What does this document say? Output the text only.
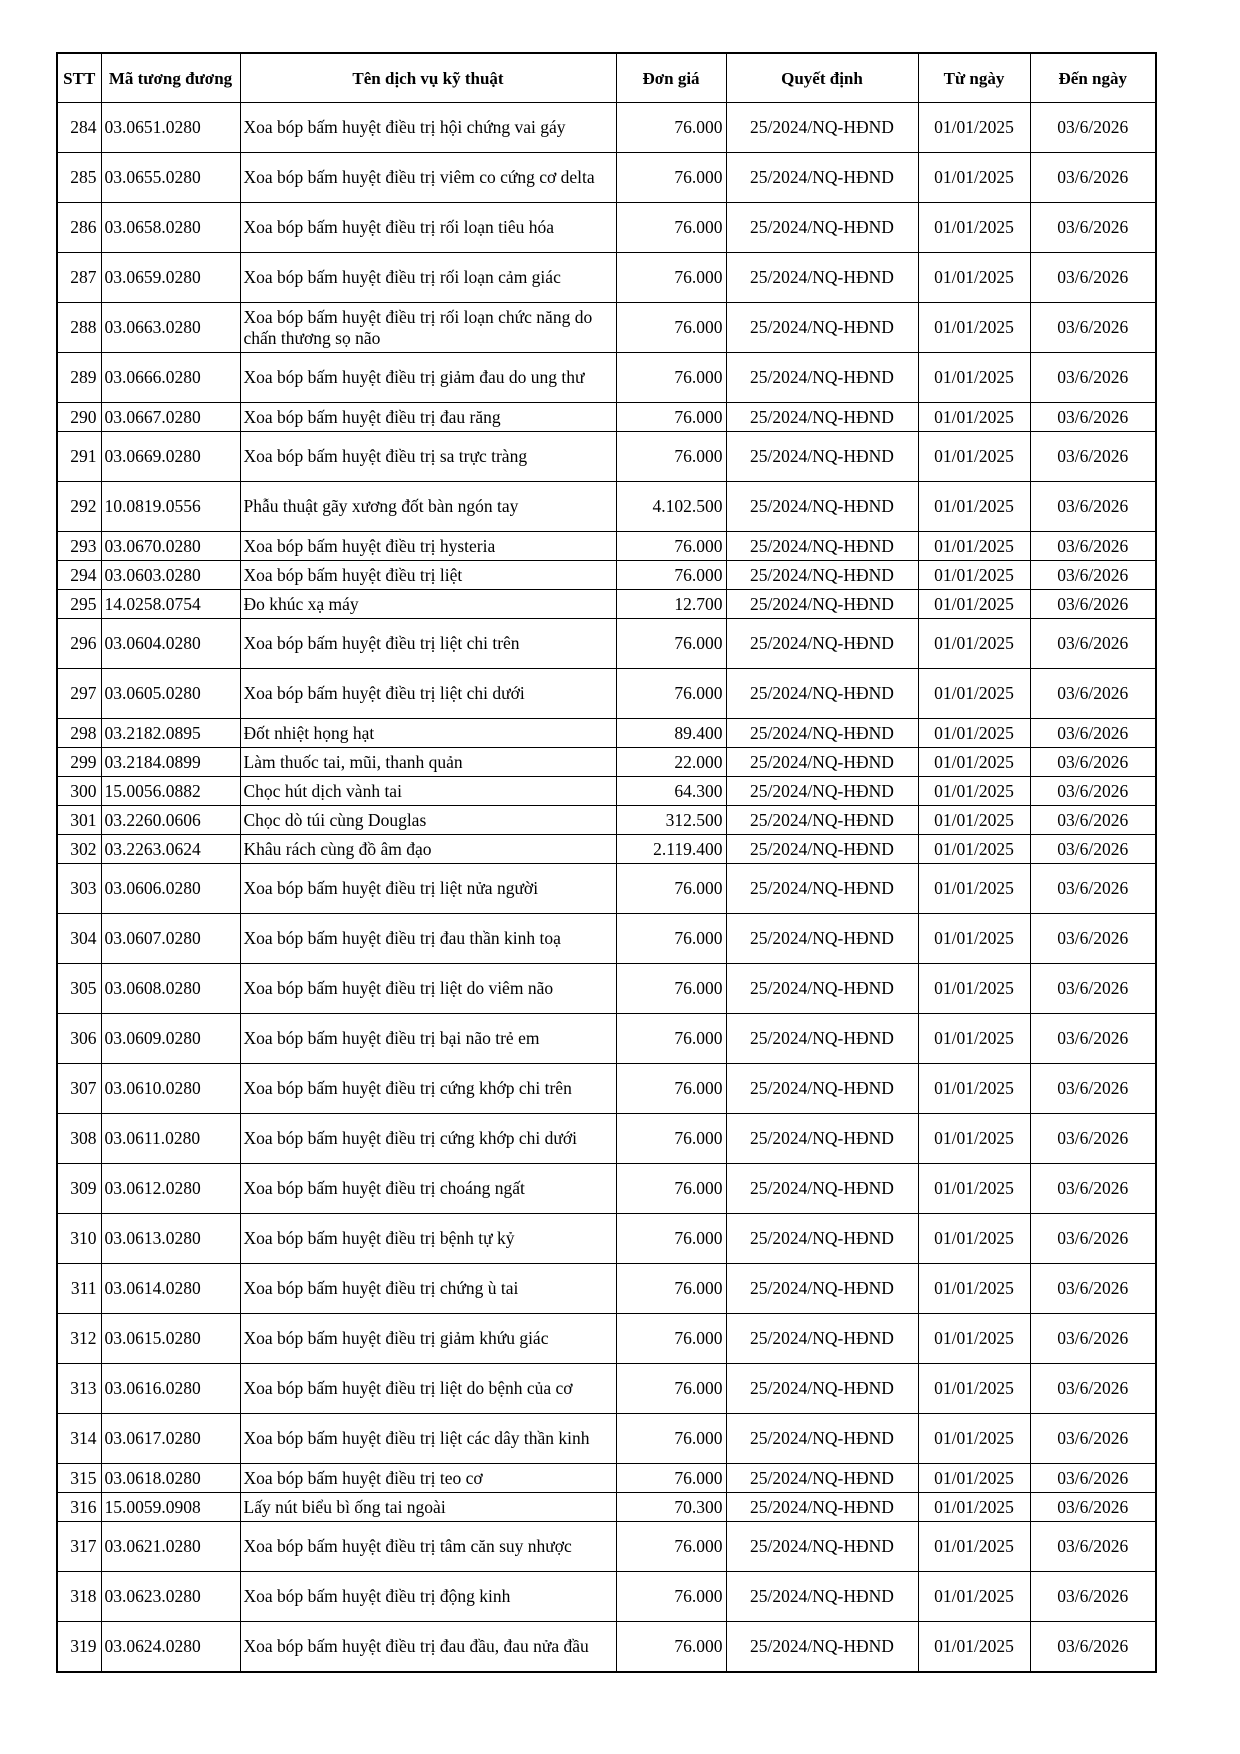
STT	Mã tương đương	Tên dịch vụ kỹ thuật	Đơn giá	Quyết định	Từ ngày	Đến ngày
284	03.0651.0280	Xoa bóp bấm huyệt điều trị hội chứng vai gáy	76.000	25/2024/NQ-HĐND	01/01/2025	03/6/2026
285	03.0655.0280	Xoa bóp bấm huyệt điều trị viêm co cứng cơ delta	76.000	25/2024/NQ-HĐND	01/01/2025	03/6/2026
286	03.0658.0280	Xoa bóp bấm huyệt điều trị rối loạn tiêu hóa	76.000	25/2024/NQ-HĐND	01/01/2025	03/6/2026
287	03.0659.0280	Xoa bóp bấm huyệt điều trị rối loạn cảm giác	76.000	25/2024/NQ-HĐND	01/01/2025	03/6/2026
288	03.0663.0280	Xoa bóp bấm huyệt điều trị rối loạn chức năng do chấn thương sọ não	76.000	25/2024/NQ-HĐND	01/01/2025	03/6/2026
289	03.0666.0280	Xoa bóp bấm huyệt điều trị giảm đau do ung thư	76.000	25/2024/NQ-HĐND	01/01/2025	03/6/2026
290	03.0667.0280	Xoa bóp bấm huyệt điều trị đau răng	76.000	25/2024/NQ-HĐND	01/01/2025	03/6/2026
291	03.0669.0280	Xoa bóp bấm huyệt điều trị sa trực tràng	76.000	25/2024/NQ-HĐND	01/01/2025	03/6/2026
292	10.0819.0556	Phẫu thuật gãy xương đốt bàn ngón tay	4.102.500	25/2024/NQ-HĐND	01/01/2025	03/6/2026
293	03.0670.0280	Xoa bóp bấm huyệt điều trị hysteria	76.000	25/2024/NQ-HĐND	01/01/2025	03/6/2026
294	03.0603.0280	Xoa bóp bấm huyệt điều trị liệt	76.000	25/2024/NQ-HĐND	01/01/2025	03/6/2026
295	14.0258.0754	Đo khúc xạ máy	12.700	25/2024/NQ-HĐND	01/01/2025	03/6/2026
296	03.0604.0280	Xoa bóp bấm huyệt điều trị liệt chi trên	76.000	25/2024/NQ-HĐND	01/01/2025	03/6/2026
297	03.0605.0280	Xoa bóp bấm huyệt điều trị liệt chi dưới	76.000	25/2024/NQ-HĐND	01/01/2025	03/6/2026
298	03.2182.0895	Đốt nhiệt họng hạt	89.400	25/2024/NQ-HĐND	01/01/2025	03/6/2026
299	03.2184.0899	Làm thuốc tai, mũi, thanh quản	22.000	25/2024/NQ-HĐND	01/01/2025	03/6/2026
300	15.0056.0882	Chọc hút dịch vành tai	64.300	25/2024/NQ-HĐND	01/01/2025	03/6/2026
301	03.2260.0606	Chọc dò túi cùng Douglas	312.500	25/2024/NQ-HĐND	01/01/2025	03/6/2026
302	03.2263.0624	Khâu rách cùng đồ âm đạo	2.119.400	25/2024/NQ-HĐND	01/01/2025	03/6/2026
303	03.0606.0280	Xoa bóp bấm huyệt điều trị liệt nửa người	76.000	25/2024/NQ-HĐND	01/01/2025	03/6/2026
304	03.0607.0280	Xoa bóp bấm huyệt điều trị đau thần kinh toạ	76.000	25/2024/NQ-HĐND	01/01/2025	03/6/2026
305	03.0608.0280	Xoa bóp bấm huyệt điều trị liệt do viêm não	76.000	25/2024/NQ-HĐND	01/01/2025	03/6/2026
306	03.0609.0280	Xoa bóp bấm huyệt điều trị bại não trẻ em	76.000	25/2024/NQ-HĐND	01/01/2025	03/6/2026
307	03.0610.0280	Xoa bóp bấm huyệt điều trị cứng khớp chi trên	76.000	25/2024/NQ-HĐND	01/01/2025	03/6/2026
308	03.0611.0280	Xoa bóp bấm huyệt điều trị cứng khớp chi dưới	76.000	25/2024/NQ-HĐND	01/01/2025	03/6/2026
309	03.0612.0280	Xoa bóp bấm huyệt điều trị choáng ngất	76.000	25/2024/NQ-HĐND	01/01/2025	03/6/2026
310	03.0613.0280	Xoa bóp bấm huyệt điều trị bệnh tự kỷ	76.000	25/2024/NQ-HĐND	01/01/2025	03/6/2026
311	03.0614.0280	Xoa bóp bấm huyệt điều trị chứng ù tai	76.000	25/2024/NQ-HĐND	01/01/2025	03/6/2026
312	03.0615.0280	Xoa bóp bấm huyệt điều trị giảm khứu giác	76.000	25/2024/NQ-HĐND	01/01/2025	03/6/2026
313	03.0616.0280	Xoa bóp bấm huyệt điều trị liệt do bệnh của cơ	76.000	25/2024/NQ-HĐND	01/01/2025	03/6/2026
314	03.0617.0280	Xoa bóp bấm huyệt điều trị liệt các dây thần kinh	76.000	25/2024/NQ-HĐND	01/01/2025	03/6/2026
315	03.0618.0280	Xoa bóp bấm huyệt điều trị teo cơ	76.000	25/2024/NQ-HĐND	01/01/2025	03/6/2026
316	15.0059.0908	Lấy nút biểu bì ống tai ngoài	70.300	25/2024/NQ-HĐND	01/01/2025	03/6/2026
317	03.0621.0280	Xoa bóp bấm huyệt điều trị tâm căn suy nhược	76.000	25/2024/NQ-HĐND	01/01/2025	03/6/2026
318	03.0623.0280	Xoa bóp bấm huyệt điều trị động kinh	76.000	25/2024/NQ-HĐND	01/01/2025	03/6/2026
319	03.0624.0280	Xoa bóp bấm huyệt điều trị đau đầu, đau nửa đầu	76.000	25/2024/NQ-HĐND	01/01/2025	03/6/2026
